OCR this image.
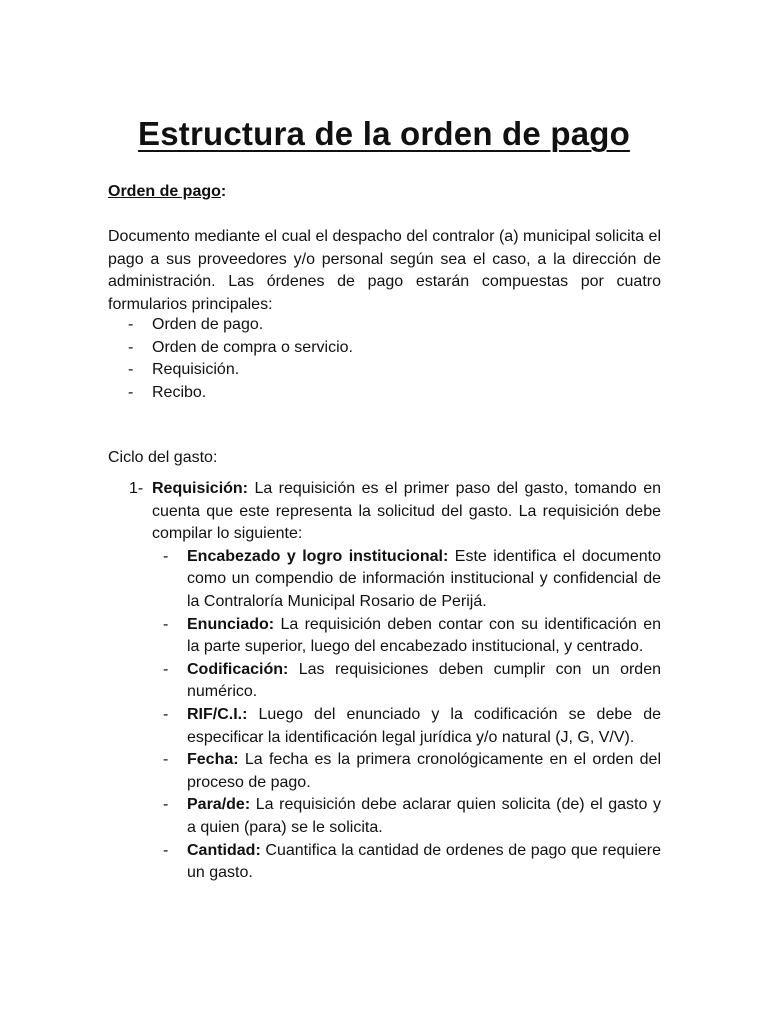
Estructura de la orden de pago
Orden de pago:

Documento mediante el cual el despacho del contralor (a) municipal solicita el pago a sus proveedores y/o personal según sea el caso, a la dirección de administración. Las órdenes de pago estarán compuestas por cuatro formularios principales:

- Orden de pago.
- Orden de compra o servicio.
- Requisición.
- Recibo.
Ciclo del gasto:
1- Requisición: La requisición es el primer paso del gasto, tomando en cuenta que este representa la solicitud del gasto. La requisición debe compilar lo siguiente:
- Encabezado y logro institucional: Este identifica el documento como un compendio de información institucional y confidencial de la Contraloría Municipal Rosario de Perijá.
- Enunciado: La requisición deben contar con su identificación en la parte superior, luego del encabezado institucional, y centrado.
- Codificación: Las requisiciones deben cumplir con un orden numérico.
- RIF/C.I.: Luego del enunciado y la codificación se debe de especificar la identificación legal jurídica y/o natural (J, G, V/V).
- Fecha: La fecha es la primera cronológicamente en el orden del proceso de pago.
- Para/de: La requisición debe aclarar quien solicita (de) el gasto y a quien (para) se le solicita.
- Cantidad: Cuantifica la cantidad de ordenes de pago que requiere un gasto.
